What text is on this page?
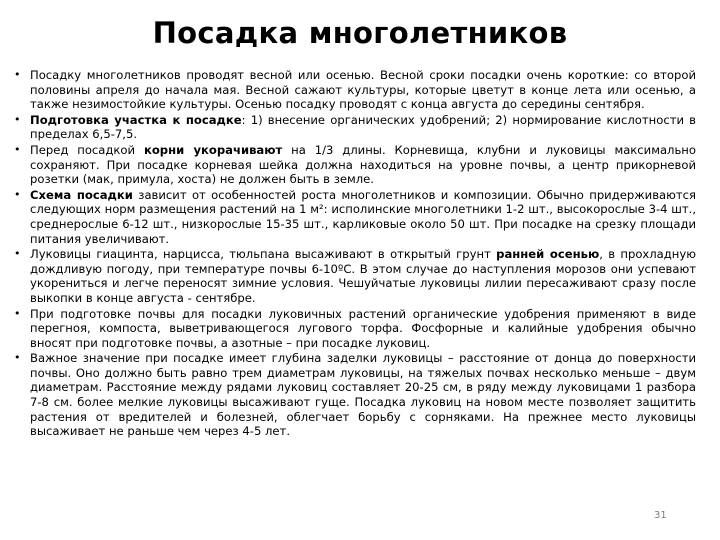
Посадка многолетников
• Посадку многолетников проводят весной или осенью. Весной сроки посадки очень короткие: со второй половины апреля до начала мая. Весной сажают культуры, которые цветут в конце лета или осенью, а также незимостойкие культуры. Осенью посадку проводят с конца августа до середины сентября.
• Подготовка участка к посадке: 1) внесение органических удобрений; 2) нормирование кислотности в пределах 6,5-7,5.
• Перед посадкой корни укорачивают на 1/3 длины. Корневища, клубни и луковицы максимально сохраняют. При посадке корневая шейка должна находиться на уровне почвы, а центр прикорневой розетки (мак, примула, хоста) не должен быть в земле.
• Схема посадки зависит от особенностей роста многолетников и композиции. Обычно придерживаются следующих норм размещения растений на 1 м²: исполинские многолетники 1-2 шт., высокорослые 3-4 шт., среднерослые 6-12 шт., низкорослые 15-35 шт., карликовые около 50 шт. При посадке на срезку площади питания увеличивают.
• Луковицы гиацинта, нарцисса, тюльпана высаживают в открытый грунт ранней осенью, в прохладную дождливую погоду, при температуре почвы 6-10ºС. В этом случае до наступления морозов они успевают укорениться и легче переносят зимние условия. Чешуйчатые луковицы лилии пересаживают сразу после выкопки в конце августа - сентябре.
• При подготовке почвы для посадки луковичных растений органические удобрения применяют в виде перегноя, компоста, выветривающегося лугового торфа. Фосфорные и калийные удобрения обычно вносят при подготовке почвы, а азотные – при посадке луковиц.
• Важное значение при посадке имеет глубина заделки луковицы – расстояние от донца до поверхности почвы. Оно должно быть равно трем диаметрам луковицы, на тяжелых почвах несколько меньше – двум диаметрам. Расстояние между рядами луковиц составляет 20-25 см, в ряду между луковицами 1 разбора 7-8 см. более мелкие луковицы высаживают гуще. Посадка луковиц на новом месте позволяет защитить растения от вредителей и болезней, облегчает борьбу с сорняками. На прежнее место луковицы высаживает не раньше чем через 4-5 лет.
31
